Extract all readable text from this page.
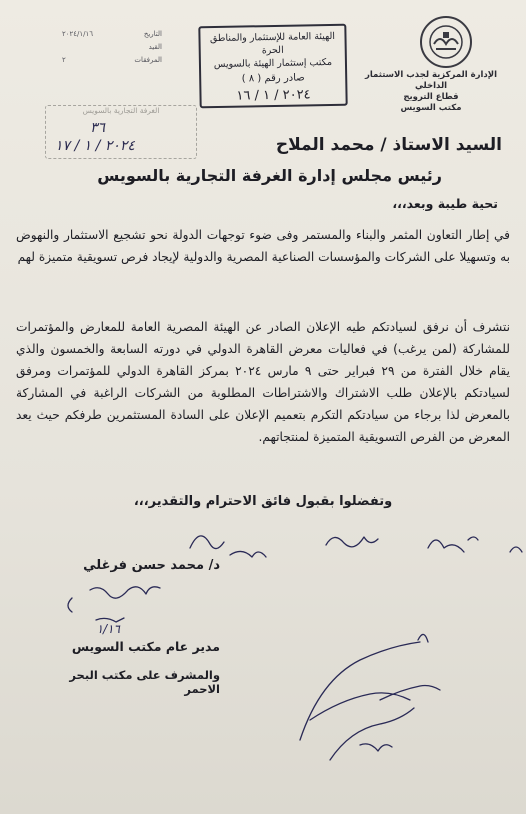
الإدارة المركزية لجذب الاستثمار الداخلي
قطاع الترويج
مكتب السويس
التاريخ
٢٠٢٤/١/١٦
القيد
المرفقات
٢
الهيئة العامة للإستثمار والمناطق الحرة
مكتب إستثمار الهيئة بالسويس
صادر رقم ( ٨ )
٢٠٢٤ / ١ / ١٦
الغرفة التجارية بالسويس
٣٦
٢٠٢٤ / ١ / ١٧	السيد الاستاذ / محمد الملاح
رئيس مجلس إدارة الغرفة التجارية بالسويس
تحية طيبة وبعد،،،
في إطار التعاون المثمر والبناء والمستمر وفى ضوء توجهات الدولة نحو تشجيع الاستثمار والنهوض به وتسهيلا على الشركات والمؤسسات الصناعية المصرية والدولية لإيجاد فرص تسويقية متميزة لهم
نتشرف أن نرفق لسيادتكم طيه الإعلان الصادر عن الهيئة المصرية العامة للمعارض والمؤتمرات للمشاركة (لمن يرغب) في فعاليات معرض القاهرة الدولي في دورته السابعة والخمسون والذي يقام خلال الفترة من ٢٩ فبراير حتى ٩ مارس ٢٠٢٤ بمركز القاهرة الدولي للمؤتمرات ومرفق لسيادتكم بالإعلان طلب الاشتراك والاشتراطات المطلوبة من الشركات الراغبة في المشاركة بالمعرض لذا برجاء من سيادتكم التكرم بتعميم الإعلان على السادة المستثمرين طرفكم حيث يعد المعرض من الفرص التسويقية المتميزة لمنتجاتهم.
وتفضلوا بقبول فائق الاحترام والتقدير،،،
د/ محمد حسن فرغلي
مدير عام مكتب السويس
والمشرف على مكتب البحر الاحمر
١/١٦
